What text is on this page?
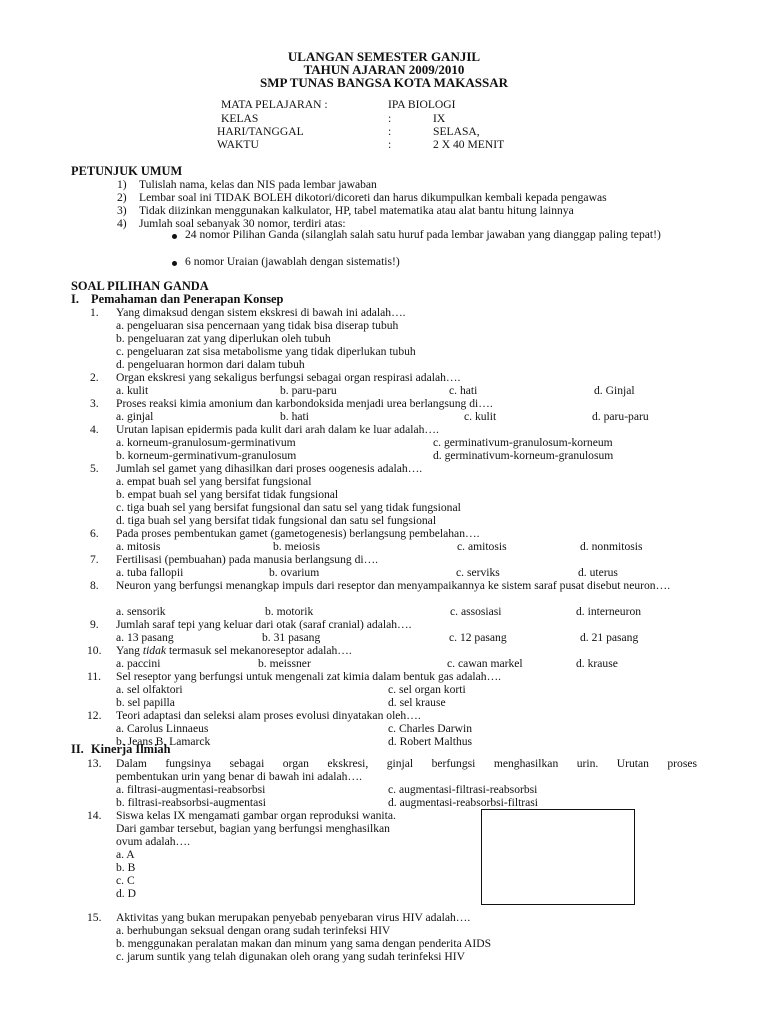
ULANGAN SEMESTER GANJIL
TAHUN AJARAN 2009/2010
SMP TUNAS BANGSA KOTA MAKASSAR
MATA PELAJARAN :	IPA BIOLOGI
KELAS	:	IX
HARI/TANGGAL	:	SELASA,
WAKTU	:	2 X 40 MENIT
PETUNJUK UMUM
1) Tulislah nama, kelas dan NIS pada lembar jawaban
2) Lembar soal ini TIDAK BOLEH dikotori/dicoreti dan harus dikumpulkan kembali kepada pengawas
3) Tidak diizinkan menggunakan kalkulator, HP, tabel matematika atau alat bantu hitung lainnya
4) Jumlah soal sebanyak 30 nomor, terdiri atas:
24 nomor Pilihan Ganda (silanglah salah satu huruf pada lembar jawaban yang dianggap paling tepat!)
6 nomor Uraian (jawablah dengan sistematis!)
SOAL PILIHAN GANDA
I. Pemahaman dan Penerapan Konsep
1. Yang dimaksud dengan sistem ekskresi di bawah ini adalah….
a. pengeluaran sisa pencernaan yang tidak bisa diserap tubuh
b. pengeluaran zat yang diperlukan oleh tubuh
c. pengeluaran zat sisa metabolisme yang tidak diperlukan tubuh
d. pengeluaran hormon dari dalam tubuh
2. Organ ekskresi yang sekaligus berfungsi sebagai organ respirasi adalah….
a. kulit	b. paru-paru	c. hati	d. Ginjal
3. Proses reaksi kimia amonium dan karbondoksida menjadi urea berlangsung di….
a. ginjal	b. hati	c. kulit	d. paru-paru
4. Urutan lapisan epidermis pada kulit dari arah dalam ke luar adalah….
a. korneum-granulosum-germinativum	c. germinativum-granulosum-korneum
b. korneum-germinativum-granulosum	d. germinativum-korneum-granulosum
5. Jumlah sel gamet yang dihasilkan dari proses oogenesis adalah….
a. empat buah sel yang bersifat fungsional
b. empat buah sel yang bersifat tidak fungsional
c. tiga buah sel yang bersifat fungsional dan satu sel yang tidak fungsional
d. tiga buah sel yang bersifat tidak fungsional dan satu sel fungsional
6. Pada proses pembentukan gamet (gametogenesis) berlangsung pembelahan….
a. mitosis	b. meiosis	c. amitosis	d. nonmitosis
7. Fertilisasi (pembuahan) pada manusia berlangsung di….
a. tuba fallopii	b. ovarium	c. serviks	d. uterus
8. Neuron yang berfungsi menangkap impuls dari reseptor dan menyampaikannya ke sistem saraf pusat disebut neuron….
a. sensorik	b. motorik	c. assosiasi	d. interneuron
9. Jumlah saraf tepi yang keluar dari otak (saraf cranial) adalah….
a. 13 pasang	b. 31 pasang	c. 12 pasang	d. 21 pasang
10. Yang tidak termasuk sel mekanoreseptor adalah….
a. paccini	b. meissner	c. cawan markel	d. krause
11. Sel reseptor yang berfungsi untuk mengenali zat kimia dalam bentuk gas adalah….
a. sel olfaktori	c. sel organ korti
b. sel papilla	d. sel krause
12. Teori adaptasi dan seleksi alam proses evolusi dinyatakan oleh….
a. Carolus Linnaeus	c. Charles Darwin
b. Jeans B. Lamarck	d. Robert Malthus
II. Kinerja Ilmiah
13. Dalam fungsinya sebagai organ ekskresi, ginjal berfungsi menghasilkan urin. Urutan proses
pembentukan urin yang benar di bawah ini adalah….
a. filtrasi-augmentasi-reabsorbsi	c. augmentasi-filtrasi-reabsorbsi
b. filtrasi-reabsorbsi-augmentasi	d. augmentasi-reabsorbsi-filtrasi
14. Siswa kelas IX mengamati gambar organ reproduksi wanita.
Dari gambar tersebut, bagian yang berfungsi menghasilkan
ovum adalah….
a. A
b. B
c. C
d. D
15. Aktivitas yang bukan merupakan penyebab penyebaran virus HIV adalah….
a. berhubungan seksual dengan orang sudah terinfeksi HIV
b. menggunakan peralatan makan dan minum yang sama dengan penderita AIDS
c. jarum suntik yang telah digunakan oleh orang yang sudah terinfeksi HIV
